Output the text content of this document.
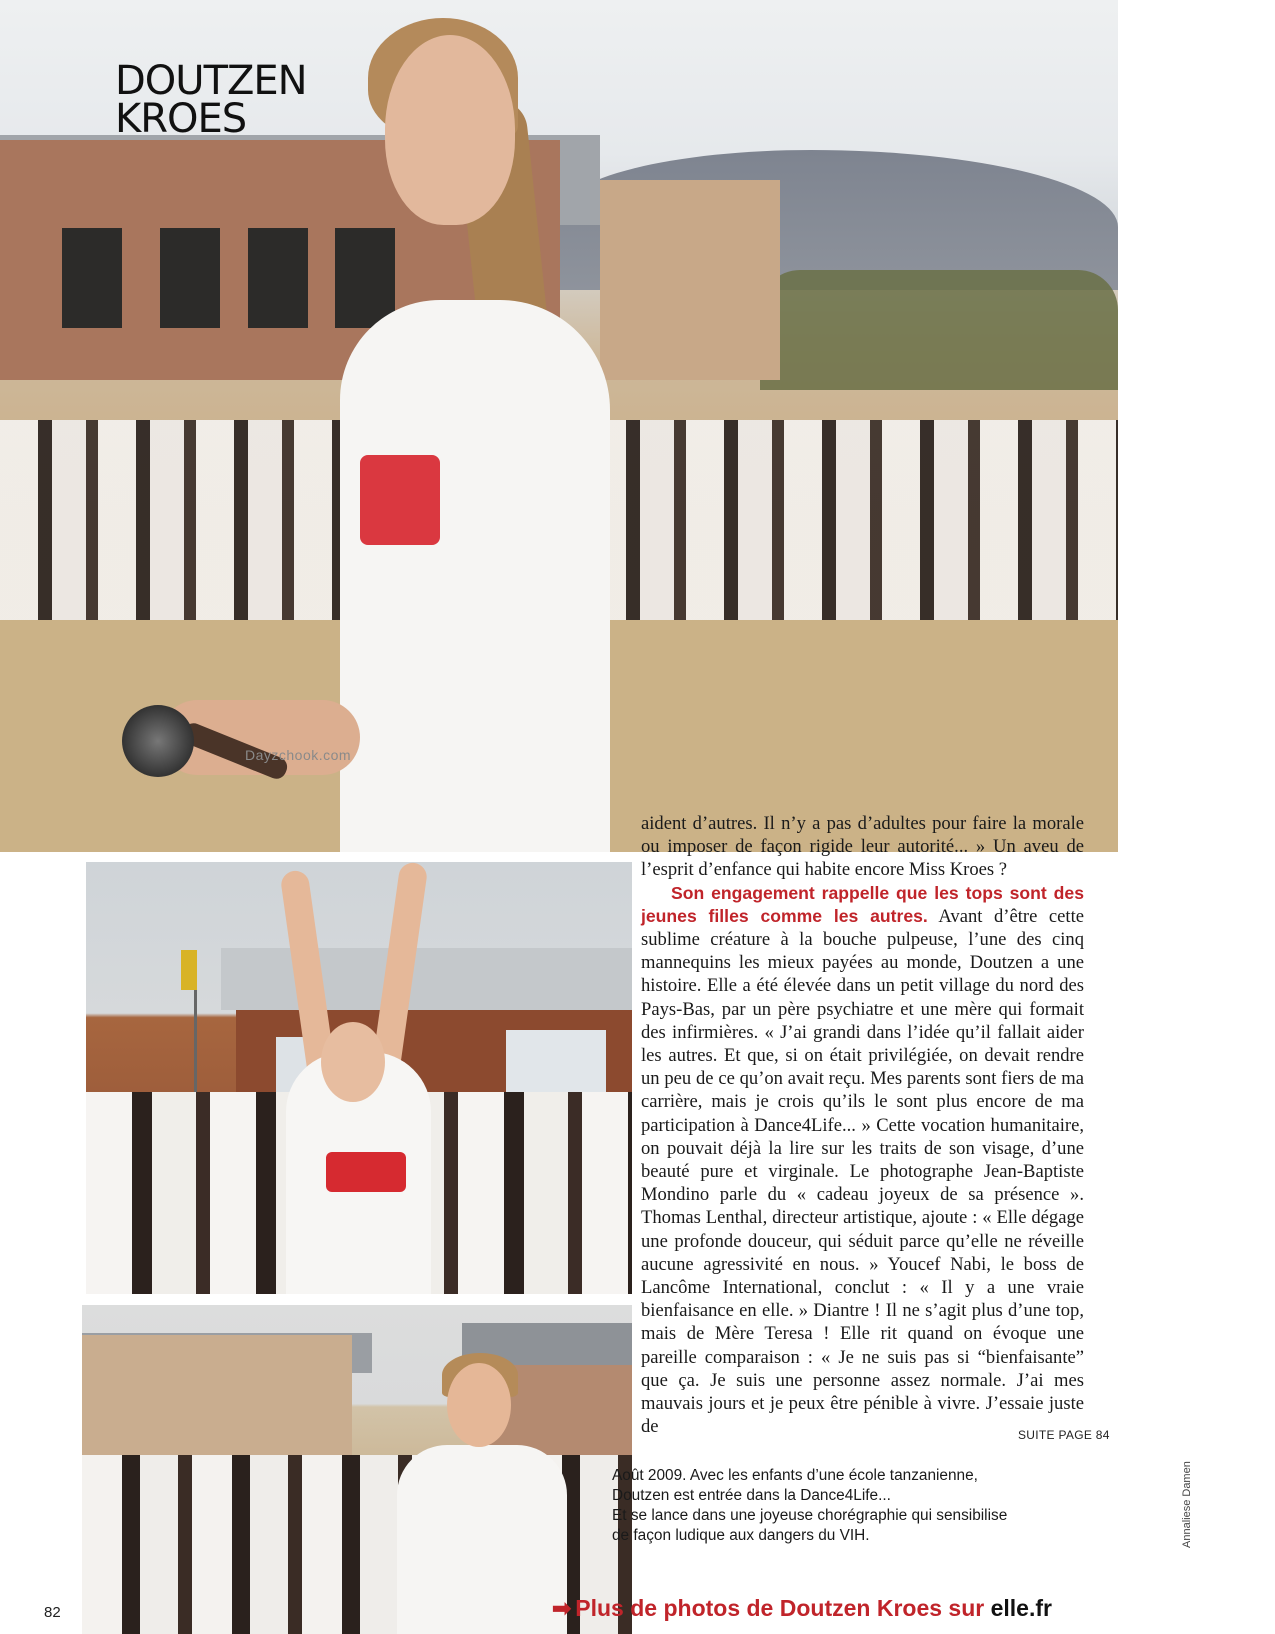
Dayzchook.com
DOUTZEN
KROES
aident d’autres. Il n’y a pas d’adultes pour faire la morale ou imposer de façon rigide leur autorité... » Un aveu de l’esprit d’enfance qui habite encore Miss Kroes ?
Son engagement rappelle que les tops sont des jeunes filles comme les autres. Avant d’être cette sublime créature à la bouche pulpeuse, l’une des cinq mannequins les mieux payées au monde, Doutzen a une histoire. Elle a été élevée dans un petit village du nord des Pays-Bas, par un père psychiatre et une mère qui formait des infirmières. « J’ai grandi dans l’idée qu’il fallait aider les autres. Et que, si on était privilégiée, on devait rendre un peu de ce qu’on avait reçu. Mes parents sont fiers de ma carrière, mais je crois qu’ils le sont plus encore de ma participation à Dance4Life... » Cette vocation humanitaire, on pouvait déjà la lire sur les traits de son visage, d’une beauté pure et virginale. Le photographe Jean-Baptiste Mondino parle du « cadeau joyeux de sa présence ». Thomas Lenthal, directeur artistique, ajoute : « Elle dégage une profonde douceur, qui séduit parce qu’elle ne réveille aucune agressivité en nous. » Youcef Nabi, le boss de Lancôme International, conclut : « Il y a une vraie bienfaisance en elle. » Diantre ! Il ne s’agit plus d’une top, mais de Mère Teresa ! Elle rit quand on évoque une pareille comparaison : « Je ne suis pas si “bienfaisante” que ça. Je suis une personne assez normale. J’ai mes mauvais jours et je peux être pénible à vivre. J’essaie juste de	SUITE PAGE 84

Août 2009. Avec les enfants d’une école tanzanienne,
Doutzen est entrée dans la Dance4Life...
Et se lance dans une joyeuse chorégraphie qui sensibilise
de façon ludique aux dangers du VIH.	Annaliese Damen

82	➡ Plus de photos de Doutzen Kroes sur elle.fr
